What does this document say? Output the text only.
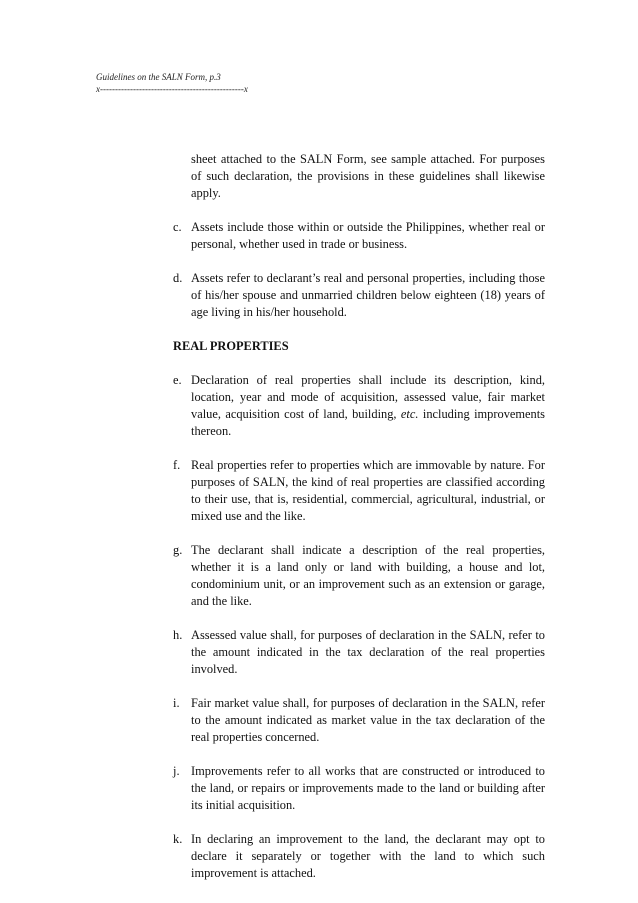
Guidelines on the SALN Form, p.3
x------------------------------------------------x

sheet attached to the SALN Form, see sample attached. For purposes of such declaration, the provisions in these guidelines shall likewise apply.

c. Assets include those within or outside the Philippines, whether real or personal, whether used in trade or business.

d. Assets refer to declarant’s real and personal properties, including those of his/her spouse and unmarried children below eighteen (18) years of age living in his/her household.

REAL PROPERTIES

e. Declaration of real properties shall include its description, kind, location, year and mode of acquisition, assessed value, fair market value, acquisition cost of land, building, etc. including improvements thereon.

f. Real properties refer to properties which are immovable by nature. For purposes of SALN, the kind of real properties are classified according to their use, that is, residential, commercial, agricultural, industrial, or mixed use and the like.

g. The declarant shall indicate a description of the real properties, whether it is a land only or land with building, a house and lot, condominium unit, or an improvement such as an extension or garage, and the like.

h. Assessed value shall, for purposes of declaration in the SALN, refer to the amount indicated in the tax declaration of the real properties involved.

i. Fair market value shall, for purposes of declaration in the SALN, refer to the amount indicated as market value in the tax declaration of the real properties concerned.

j. Improvements refer to all works that are constructed or introduced to the land, or repairs or improvements made to the land or building after its initial acquisition.

k. In declaring an improvement to the land, the declarant may opt to declare it separately or together with the land to which such improvement is attached.
